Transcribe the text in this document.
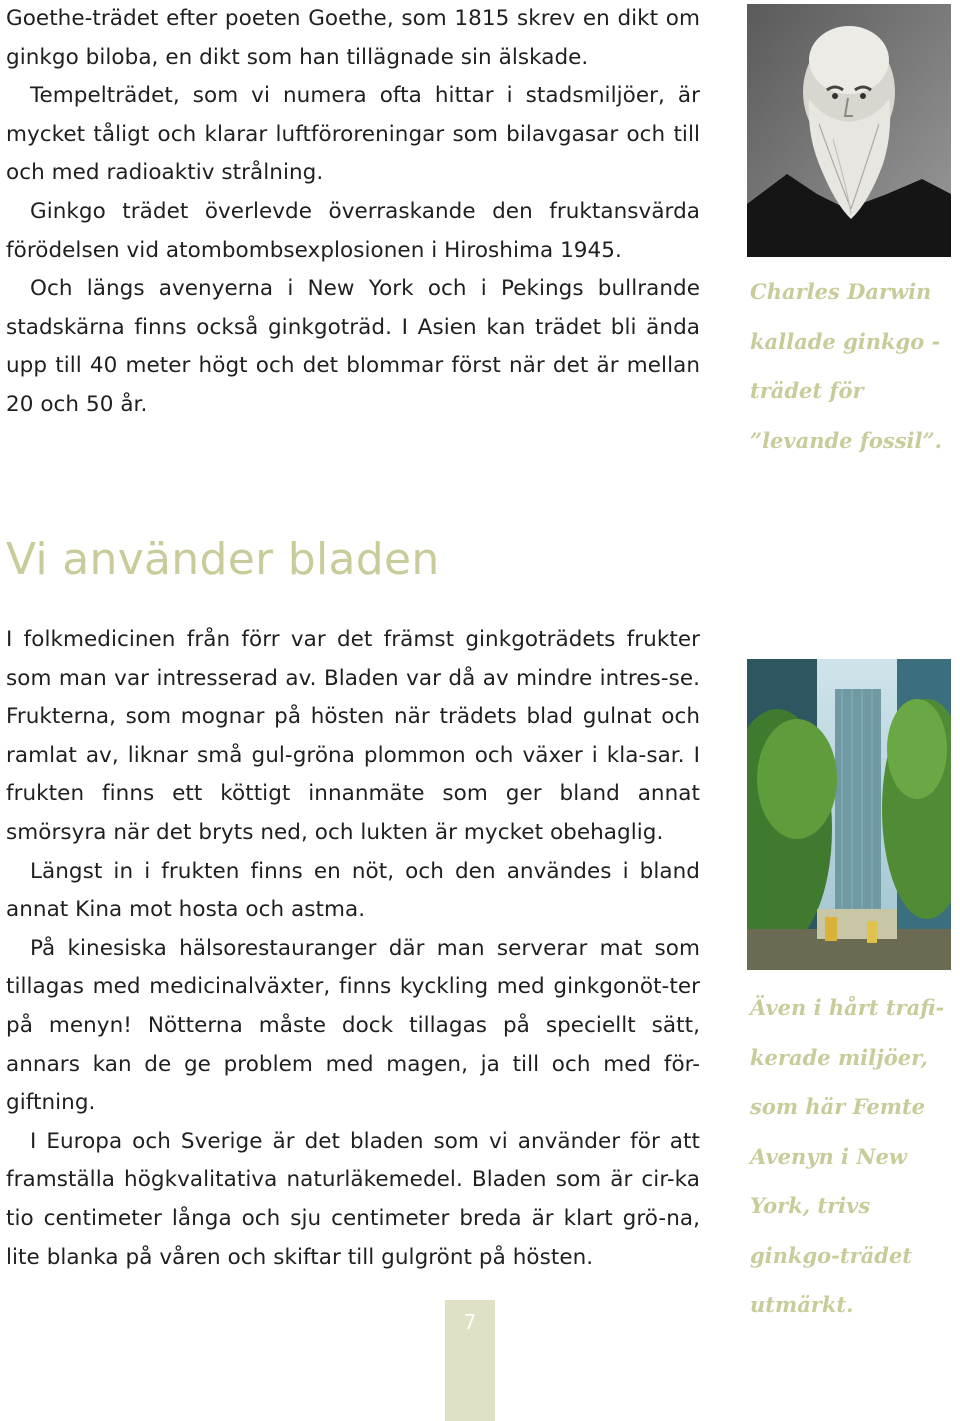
Goethe-trädet efter poeten Goethe, som 1815 skrev en dikt om ginkgo biloba, en dikt som han tillägnade sin älskade.

Tempelträdet, som vi numera ofta hittar i stadsmiljöer, är mycket tåligt och klarar luftföroreningar som bilavgasar och till och med radioaktiv strålning.

Ginkgo trädet överlevde överraskande den fruktansvärda förödelsen vid atombombsexplosionen i Hiroshima 1945.

Och längs avenyerna i New York och i Pekings bullrande stadskärna finns också ginkgoträd. I Asien kan trädet bli ända upp till 40 meter högt och det blommar först när det är mellan 20 och 50 år.

Charles Darwin kallade ginkgo - trädet för ”levande fossil”.
Vi använder bladen

I folkmedicinen från förr var det främst ginkgoträdets frukter som man var intresserad av. Bladen var då av mindre intres-se. Frukterna, som mognar på hösten när trädets blad gulnat och ramlat av, liknar små gul-gröna plommon och växer i kla-sar. I frukten finns ett köttigt innanmäte som ger bland annat smörsyra när det bryts ned, och lukten är mycket obehaglig.

Längst in i frukten finns en nöt, och den användes i bland annat Kina mot hosta och astma.

På kinesiska hälsorestauranger där man serverar mat som tillagas med medicinalväxter, finns kyckling med ginkgonöt-ter på menyn! Nötterna måste dock tillagas på speciellt sätt, annars kan de ge problem med magen, ja till och med för-giftning.

I Europa och Sverige är det bladen som vi använder för att framställa högkvalitativa naturläkemedel. Bladen som är cir-ka tio centimeter långa och sju centimeter breda är klart grö-na, lite blanka på våren och skiftar till gulgrönt på hösten.

Även i hårt trafi-kerade miljöer, som här Femte Avenyn i New York, trivs ginkgo-trädet utmärkt.
7
